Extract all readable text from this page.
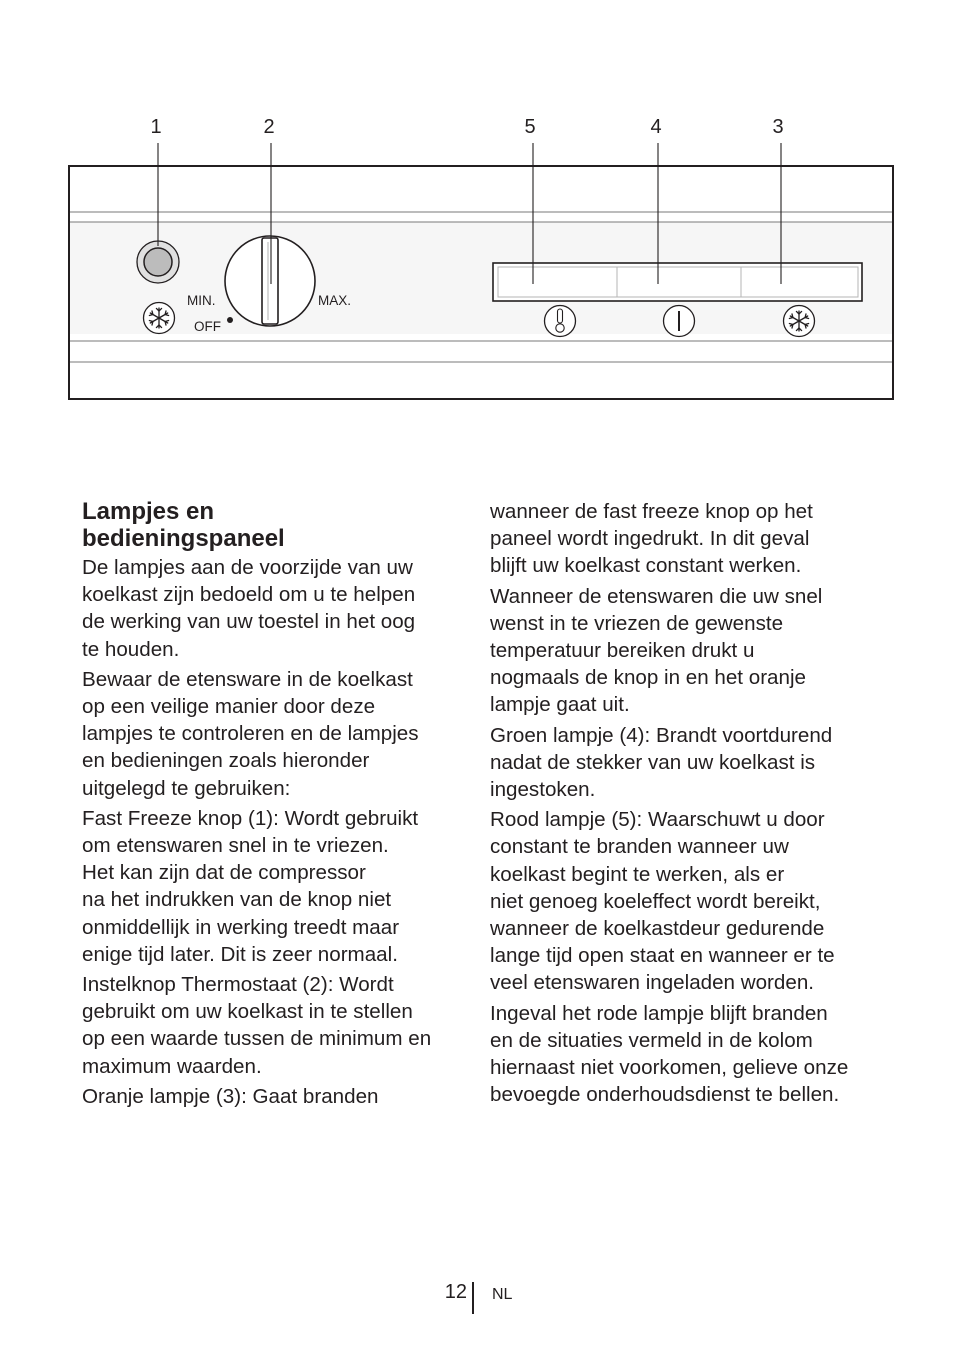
1	2	5	4	3
MIN.	MAX.
OFF
Lampjes en
bedieningspaneel

De lampjes aan de voorzijde van uw
koelkast zijn bedoeld om u te helpen
de werking van uw toestel in het oog
te houden.

Bewaar de etensware in de koelkast
op een veilige manier door deze
lampjes te controleren en de lampjes
en bedieningen zoals hieronder
uitgelegd te gebruiken:

Fast Freeze knop (1): Wordt gebruikt
om etenswaren snel in te vriezen.
Het kan zijn dat de compressor
na het indrukken van de knop niet
onmiddellijk in werking treedt maar
enige tijd later. Dit is zeer normaal.

Instelknop Thermostaat (2): Wordt
gebruikt om uw koelkast in te stellen
op een waarde tussen de minimum en
maximum waarden.

Oranje lampje (3): Gaat branden

wanneer de fast freeze knop op het
paneel wordt ingedrukt. In dit geval
blijft uw koelkast constant werken.

Wanneer de etenswaren die uw snel
wenst in te vriezen de gewenste
temperatuur bereiken drukt u
nogmaals de knop in en het oranje
lampje gaat uit.

Groen lampje (4): Brandt voortdurend
nadat de stekker van uw koelkast is
ingestoken.

Rood lampje (5): Waarschuwt u door
constant te branden wanneer uw
koelkast begint te werken, als er
niet genoeg koeleffect wordt bereikt,
wanneer de koelkastdeur gedurende
lange tijd open staat en wanneer er te
veel etenswaren ingeladen worden.

Ingeval het rode lampje blijft branden
en de situaties vermeld in de kolom
hiernaast niet voorkomen, gelieve onze
bevoegde onderhoudsdienst te bellen.

12 NL
